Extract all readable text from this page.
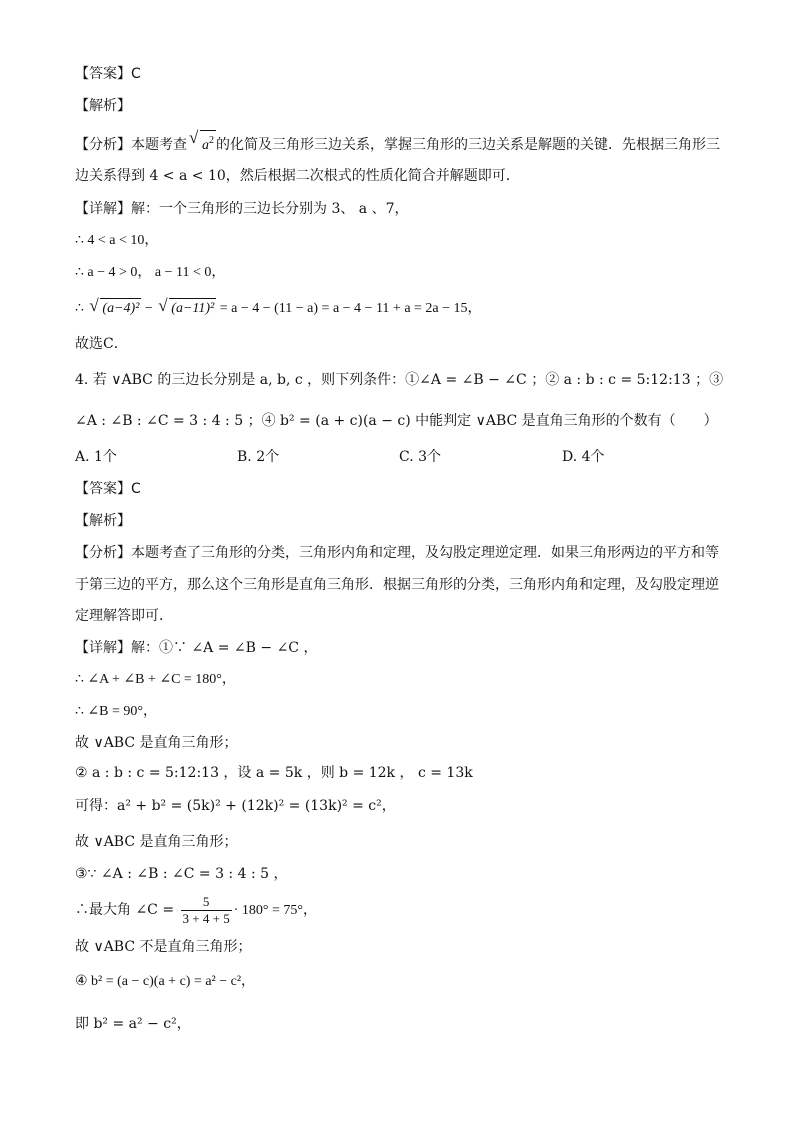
【答案】C
【解析】
【分析】本题考查√ $a^2$ 的化简及三角形三边关系，掌握三角形的三边关系是解题的关键．先根据三角形三
边关系得到 4 < a < 10，然后根据二次根式的性质化简合并解题即可．
【详解】解：一个三角形的三边长分别为 3、 a 、7，
∴ 4 < a < 10，
∴ a − 4 > 0， a − 11 < 0，
∴ √ (a−4)² − √ (a−11)² = a − 4 − (11 − a) = a − 4 − 11 + a = 2a − 15，
故选C．
4. 若 ∨ABC 的三边长分别是 a, b, c ，则下列条件：①∠A = ∠B − ∠C ；② a : b : c = 5:12:13 ；③
∠A : ∠B : ∠C = 3 : 4 : 5 ；④ b² = (a + c)(a − c) 中能判定 ∨ABC 是直角三角形的个数有（　　）
A. 1个	B. 2个	C. 3个	D. 4个
【答案】C
【解析】
【分析】本题考查了三角形的分类，三角形内角和定理，及勾股定理逆定理．如果三角形两边的平方和等
于第三边的平方，那么这个三角形是直角三角形．根据三角形的分类，三角形内角和定理，及勾股定理逆
定理解答即可．
【详解】解：①∵ ∠A = ∠B − ∠C ，
∴ ∠A + ∠B + ∠C = 180°，
∴ ∠B = 90°，
故 ∨ABC 是直角三角形；
② a : b : c = 5:12:13 ，设 a = 5k ，则 b = 12k ， c = 13k
可得：a² + b² = (5k)² + (12k)² = (13k)² = c²，
故 ∨ABC 是直角三角形；
③∵ ∠A : ∠B : ∠C = 3 : 4 : 5 ，
∴最大角 ∠C = $\frac{5}{3 + 4 + 5} \cdot 180^\circ = 75^\circ$，
故 ∨ABC 不是直角三角形；
④ b² = (a − c)(a + c) = a² − c²，
即 b² = a² − c²，
